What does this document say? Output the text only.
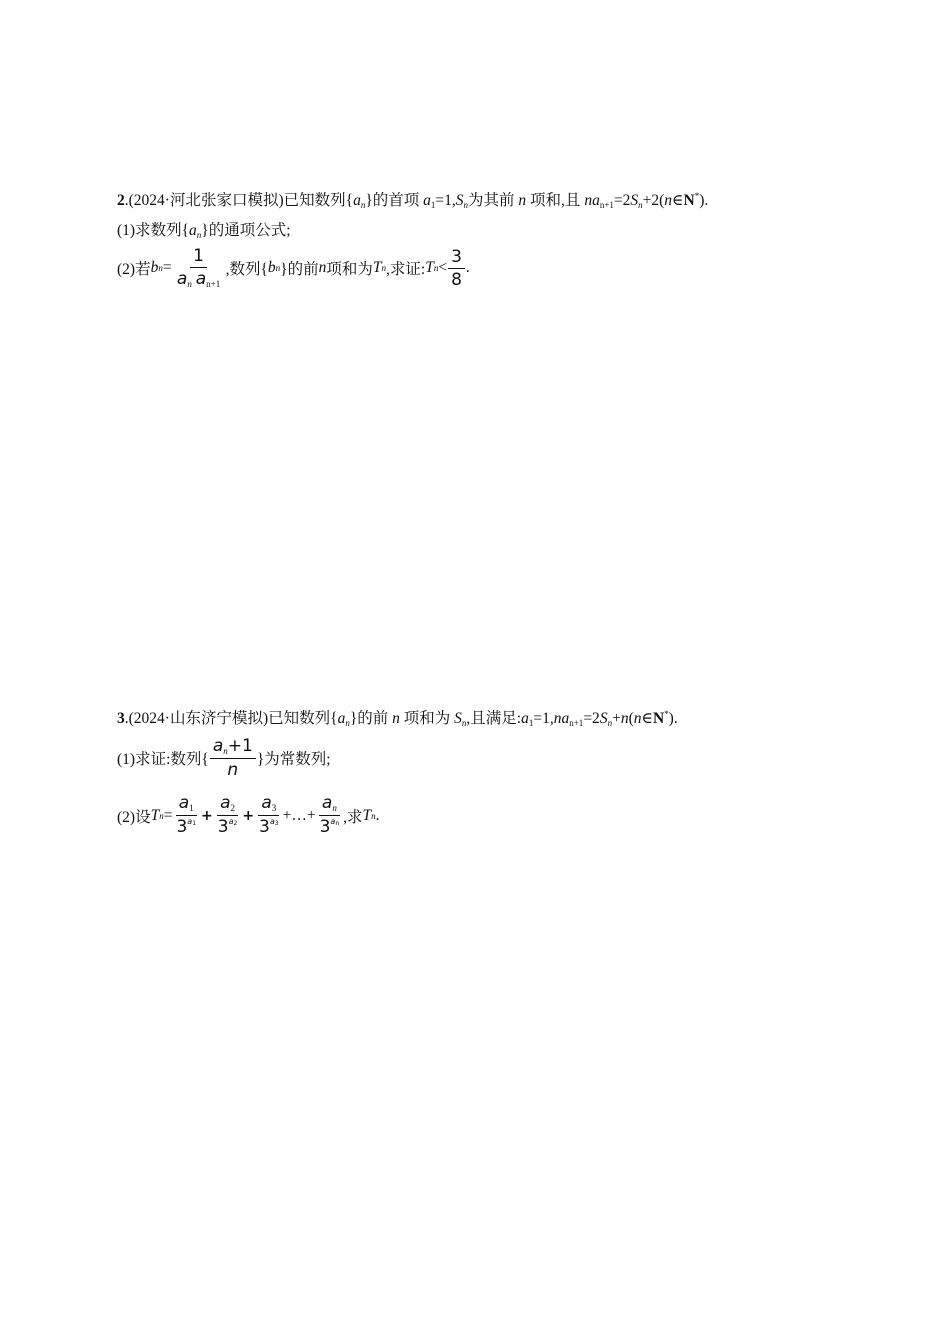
2.(2024·河北张家口模拟)已知数列$\{a_n\}$的首项 $a_1=1,S_n$为其前 n 项和,且 $na_{n+1}=2S_n+2(n\in N^*)$.
(1)求数列$\{a_n\}$的通项公式;
(2)若 b $n = \frac{1}{a_n a_{n+1}}$ ,数列{ b n }的前 n 项和为 T n ,求证: T $n < \frac{3}{8}$ .
3.(2024·山东济宁模拟)已知数列$\{a_n\}$的前 n 项和为 $S_n$,且满足$:a_1=1,na_{n+1}=2S_n+n(n\in N^*)$.
(1)求证:数列{ $\frac{a_n+1}{n}$ }为常数列;
(2)设 T $n = \frac{a_1}{3^{a1}} + \frac{a_2}{3^{a2}} + \frac{a_3}{3^{a3}}$ +…+ $\frac{a_n}{3^{an}}$ ,求 T n .
